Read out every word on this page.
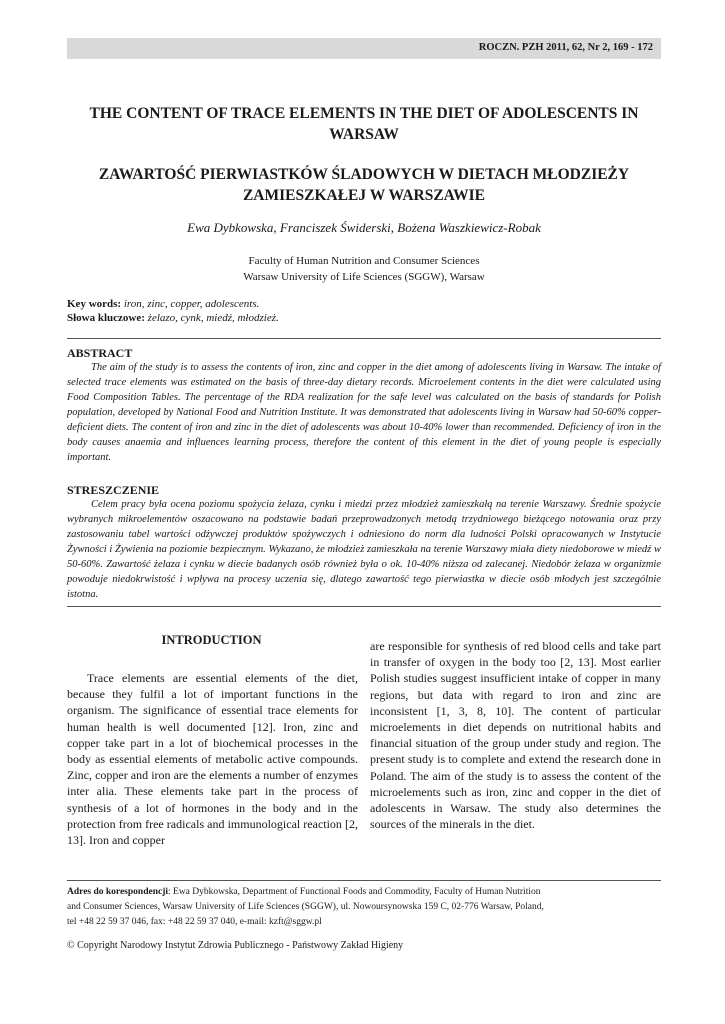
ROCZN. PZH 2011, 62, Nr 2, 169 - 172
THE CONTENT OF TRACE ELEMENTS IN THE DIET OF ADOLESCENTS IN WARSAW
ZAWARTOŚĆ PIERWIASTKÓW ŚLADOWYCH W DIETACH MŁODZIEŻY ZAMIESZKAŁEJ W WARSZAWIE
Ewa Dybkowska, Franciszek Świderski, Bożena Waszkiewicz-Robak
Faculty of Human Nutrition and Consumer Sciences
Warsaw University of Life Sciences (SGGW), Warsaw
Key words: iron, zinc, copper, adolescents.
Słowa kluczowe: żelazo, cynk, miedź, młodzież.
ABSTRACT
The aim of the study is to assess the contents of iron, zinc and copper in the diet among of adolescents living in Warsaw. The intake of selected trace elements was estimated on the basis of three-day dietary records. Microelement contents in the diet were calculated using Food Composition Tables. The percentage of the RDA realization for the safe level was calculated on the basis of standards for Polish population, developed by National Food and Nutrition Institute. It was demonstrated that adolescents living in Warsaw had 50-60% copper-deficient diets. The content of iron and zinc in the diet of adolescents was about 10-40% lower than recommended. Deficiency of iron in the body causes anaemia and influences learning process, therefore the content of this element in the diet of young people is especially important.
STRESZCZENIE
Celem pracy była ocena poziomu spożycia żelaza, cynku i miedzi przez młodzież zamieszkałą na terenie Warszawy. Średnie spożycie wybranych mikroelementów oszacowano na podstawie badań przeprowadzonych metodą trzydniowego bieżącego notowania oraz przy zastosowaniu tabel wartości odżywczej produktów spożywczych i odniesiono do norm dla ludności Polski opracowanych w Instytucie Żywności i Żywienia na poziomie bezpiecznym. Wykazano, że młodzież zamieszkała na terenie Warszawy miała diety niedoborowe w miedź w 50-60%. Zawartość żelaza i cynku w diecie badanych osób również była o ok. 10-40% niższa od zalecanej. Niedobór żelaza w organizmie powoduje niedokrwistość i wpływa na procesy uczenia się, dlatego zawartość tego pierwiastka w diecie osób młodych jest szczególnie istotna.
INTRODUCTION
Trace elements are essential elements of the diet, because they fulfil a lot of important functions in the organism. The significance of essential trace elements for human health is well documented [12]. Iron, zinc and copper take part in a lot of biochemical processes in the body as essential elements of metabolic active compounds. Zinc, copper and iron are the elements a number of enzymes inter alia. These elements take part in the process of synthesis of a lot of hormones in the body and in the protection from free radicals and immunological reaction [2, 13]. Iron and copper
are responsible for synthesis of red blood cells and take part in transfer of oxygen in the body too [2, 13]. Most earlier Polish studies suggest insufficient intake of copper in many regions, but data with regard to iron and zinc are inconsistent [1, 3, 8, 10]. The content of particular microelements in diet depends on nutritional habits and financial situation of the group under study and region. The present study is to complete and extend the research done in Poland. The aim of the study is to assess the content of the microelements such as iron, zinc and copper in the diet of adolescents in Warsaw. The study also determines the sources of the minerals in the diet.
Adres do korespondencji: Ewa Dybkowska, Department of Functional Foods and Commodity, Faculty of Human Nutrition
and Consumer Sciences, Warsaw University of Life Sciences (SGGW), ul. Nowoursynowska 159 C, 02-776 Warsaw, Poland,
tel +48 22 59 37 046, fax: +48 22 59 37 040, e-mail: kzft@sggw.pl
© Copyright Narodowy Instytut Zdrowia Publicznego - Państwowy Zakład Higieny
